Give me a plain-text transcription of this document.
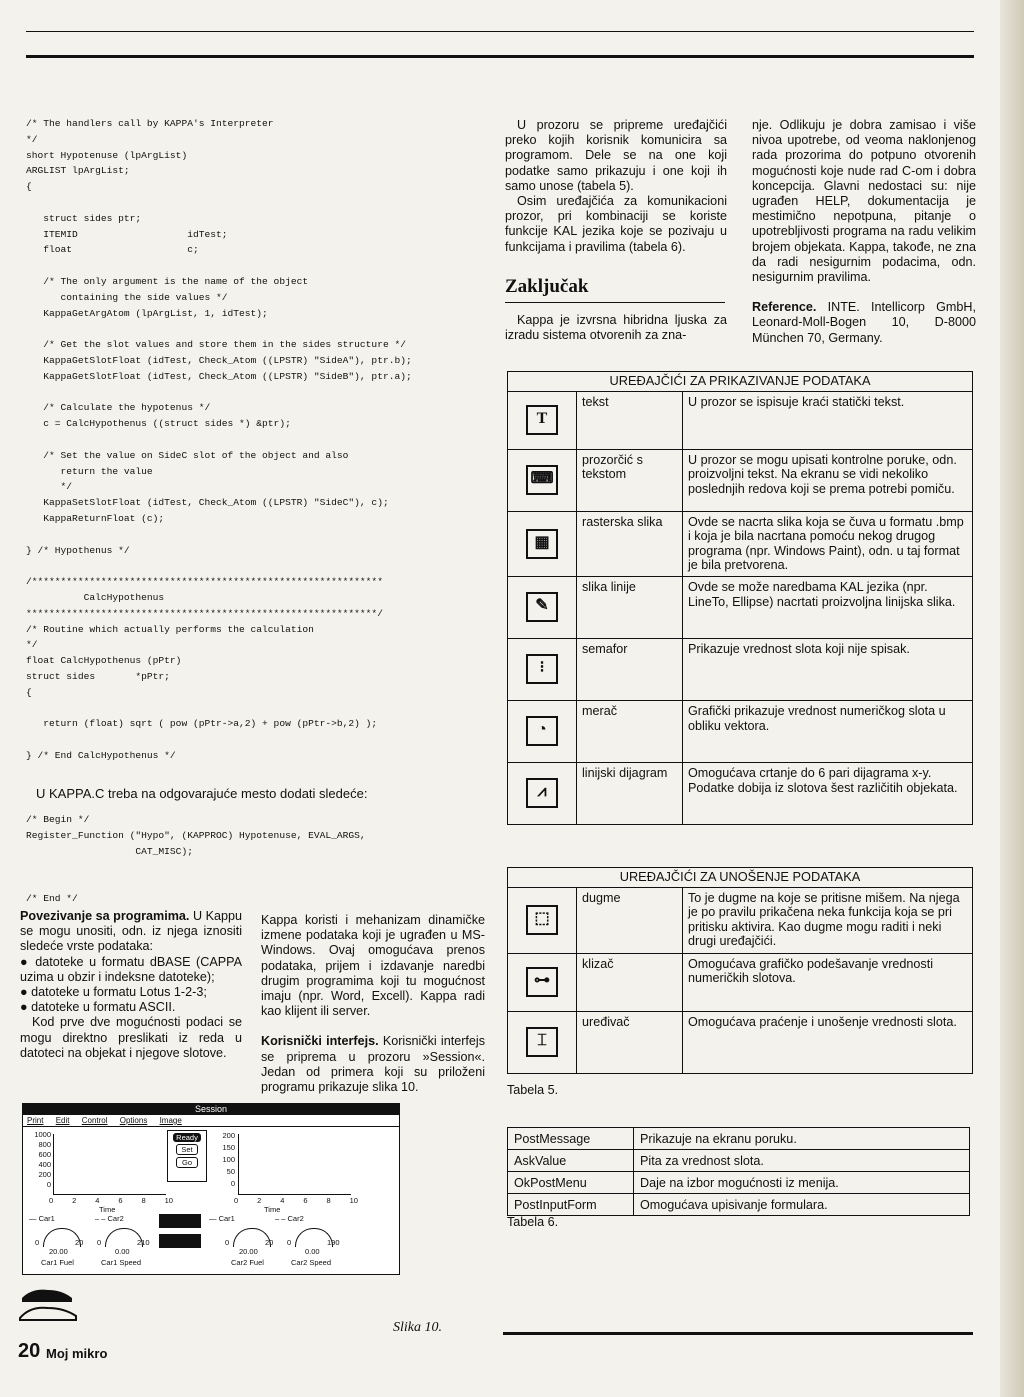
/* The handlers call by KAPPA's Interpreter
*/
short Hypotenuse (lpArgList)
ARGLIST lpArgList;
{

struct sides ptr;
ITEMID                   idTest;
float                    c;

/* The only argument is the name of the object
containing the side values */
KappaGetArgAtom (lpArgList, 1, idTest);

/* Get the slot values and store them in the sides structure */
KappaGetSlotFloat (idTest, Check_Atom ((LPSTR) "SideA"), ptr.b);
KappaGetSlotFloat (idTest, Check_Atom ((LPSTR) "SideB"), ptr.a);

/* Calculate the hypotenus */
c = CalcHypothenus ((struct sides *) &ptr);

/* Set the value on SideC slot of the object and also
return the value
*/
KappaSetSlotFloat (idTest, Check_Atom ((LPSTR) "SideC"), c);
KappaReturnFloat (c);

} /* Hypothenus */

/*************************************************************
CalcHypothenus
*************************************************************/
/* Routine which actually performs the calculation
*/
float CalcHypothenus (pPtr)
struct sides       *pPtr;
{

return (float) sqrt ( pow (pPtr->a,2) + pow (pPtr->b,2) );

} /* End CalcHypothenus */
U KAPPA.C treba na odgovarajuće mesto dodati sledeće:
/* Begin */
Register_Function ("Hypo", (KAPPROC) Hypotenuse, EVAL_ARGS,
CAT_MISC);

/* End */

Povezivanje sa programima. U Kappu se mogu unositi, odn. iz njega iznositi sledeće vrste podataka:

● datoteke u formatu dBASE (CAPPA uzima u obzir i indeksne datoteke);

● datoteke u formatu Lotus 1-2-3;

● datoteke u formatu ASCII.

Kod prve dve mogućnosti podaci se mogu direktno preslikati iz reda u datoteci na objekat i njegove slotove.

Kappa koristi i mehanizam dinamičke izmene podataka koji je ugrađen u MS-Windows. Ovaj omogućava prenos podataka, prijem i izdavanje naredbi drugim programima koji tu mogućnost imaju (npr. Word, Excell). Kappa radi kao klijent ili server.

Korisnički interfejs. Korisnički interfejs se priprema u prozoru »Session«. Jedan od primera koji su priloženi programu prikazuje slika 10.

U prozoru se pripreme uređajčići preko kojih korisnik komunicira sa programom. Dele se na one koji podatke samo prikazuju i one koji ih samo unose (tabela 5).

Osim uređajčića za komunikacioni prozor, pri kombinaciji se koriste funkcije KAL jezika koje se pozivaju u funkcijama i pravilima (tabela 6).

Zaključak

Kappa je izvrsna hibridna ljuska za izradu sistema otvorenih za zna-

nje. Odlikuju je dobra zamisao i više nivoa upotrebe, od veoma naklonjenog rada prozorima do potpuno otvorenih mogućnosti koje nude rad C-om i dobra koncepcija. Glavni nedostaci su: nije ugrađen HELP, dokumentacija je mestimično nepotpuna, pitanje o upotrebljivosti programa na radu velikim brojem objekata. Kappa, takođe, ne zna da radi nesigurnim podacima, odn. nesigurnim pravilima.

Reference. INTE. Intellicorp GmbH, Leonard-Moll-Bogen 10, D-8000 München 70, Germany.

UREĐAJČIĆI ZA PRIKAZIVANJE PODATAKA		
T	tekst	U prozor se ispisuje kraći statički tekst.
⌨	prozorčić s tekstom	U prozor se mogu upisati kontrolne poruke, odn. proizvoljni tekst. Na ekranu se vidi nekoliko poslednjih redova koji se prema potrebi pomiču.
▦	rasterska slika	Ovde se nacrta slika koja se čuva u formatu .bmp i koja je bila nacrtana pomoću nekog drugog programa (npr. Windows Paint), odn. u taj format je bila pretvorena.
✎	slika linije	Ovde se može naredbama KAL jezika (npr. LineTo, Ellipse) nacrtati proizvoljna linijska slika.
⁝	semafor	Prikazuje vrednost slota koji nije spisak.
◔	merač	Grafički prikazuje vrednost numeričkog slota u obliku vektora.
⩘	linijski dijagram	Omogućava crtanje do 6 pari dijagrama x-y. Podatke dobija iz slotova šest različitih objekata.
UREĐAJČIĆI ZA UNOŠENJE PODATAKA		
⬚	dugme	To je dugme na koje se pritisne mišem. Na njega je po pravilu prikačena neka funkcija koja se pri pritisku aktivira. Kao dugme mogu raditi i neki drugi uređajčići.
⊶	klizač	Omogućava grafičko podešavanje vrednosti numeričkih slotova.
⌶	uređivač	Omogućava praćenje i unošenje vrednosti slota.
Tabela 5.
PostMessage	Prikazuje na ekranu poruku.
AskValue	Pita za vrednost slota.
OkPostMenu	Daje na izbor mogućnosti iz menija.
PostInputForm	Omogućava upisivanje formulara.
Tabela 6.
Session
Print Edit Control Options Image
1000
800
600
400
200
0
0	2	4	6	8	10
Time
— Car1	– – Car2
Ready
Set
Go
200
150
100
50
0
0	2	4	6	8	10
Time
— Car1	– – Car2
0	20
20.00
Car1 Fuel
0	210
0.00
Car1 Speed
0	20
20.00
Car2 Fuel
0	190
0.00
Car2 Speed
Slika 10.
20 Moj mikro
